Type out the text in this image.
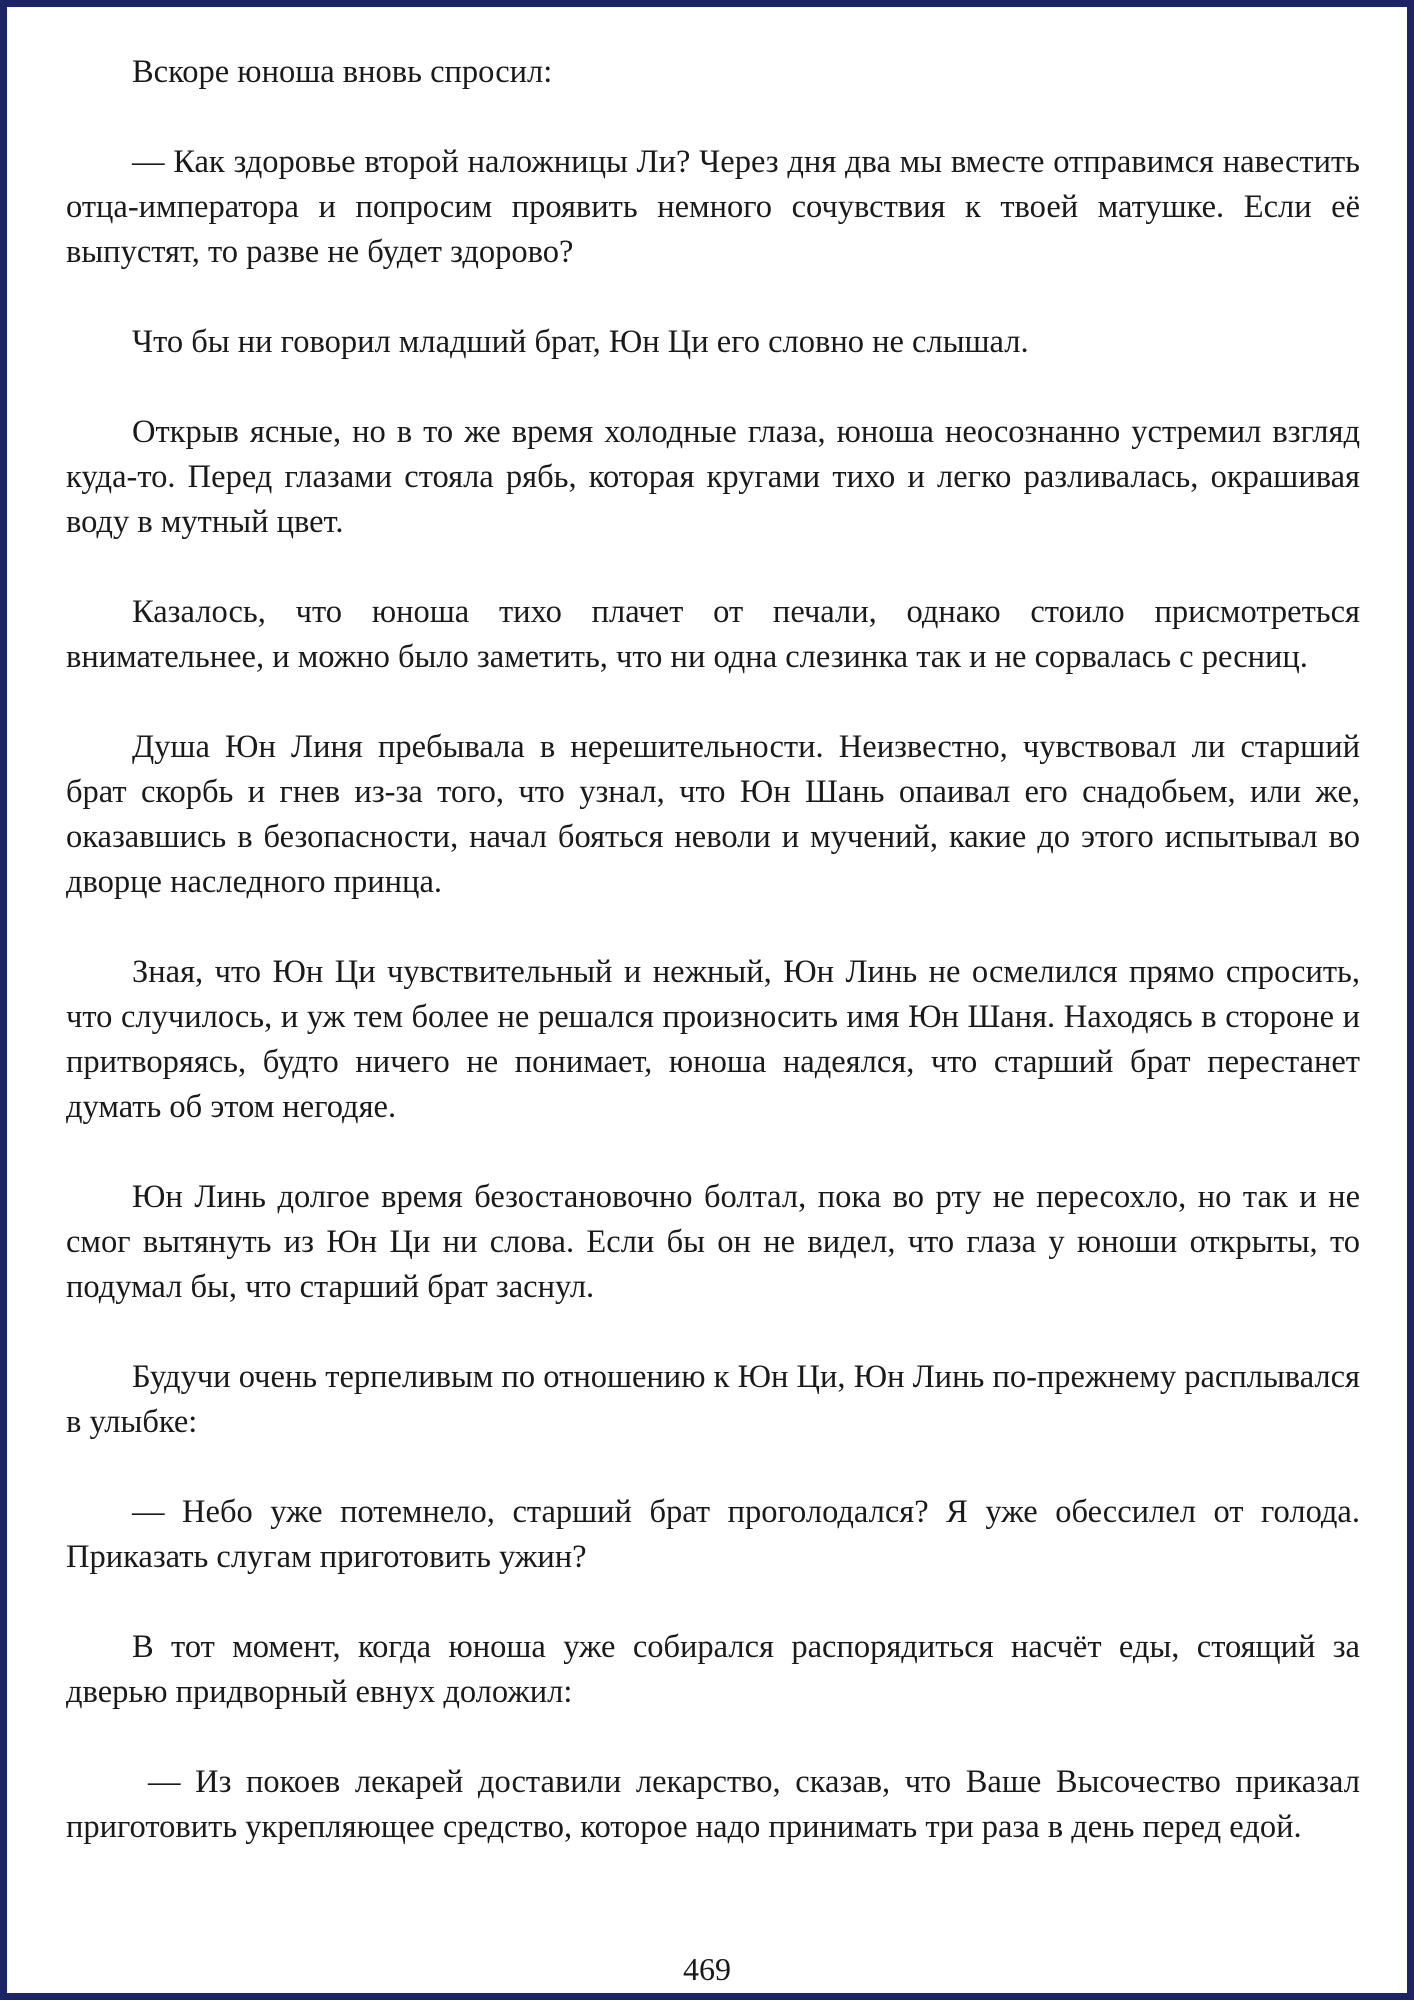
Вскоре юноша вновь спросил:

— Как здоровье второй наложницы Ли? Через дня два мы вместе отправимся навестить отца-императора и попросим проявить немного сочувствия к твоей матушке. Если её выпустят, то разве не будет здорово?

Что бы ни говорил младший брат, Юн Ци его словно не слышал.

Открыв ясные, но в то же время холодные глаза, юноша неосознанно устремил взгляд куда-то. Перед глазами стояла рябь, которая кругами тихо и легко разливалась, окрашивая воду в мутный цвет.

Казалось, что юноша тихо плачет от печали, однако стоило присмотреться внимательнее, и можно было заметить, что ни одна слезинка так и не сорвалась с ресниц.

Душа Юн Линя пребывала в нерешительности. Неизвестно, чувствовал ли старший брат скорбь и гнев из-за того, что узнал, что Юн Шань опаивал его снадобьем, или же, оказавшись в безопасности, начал бояться неволи и мучений, какие до этого испытывал во дворце наследного принца.

Зная, что Юн Ци чувствительный и нежный, Юн Линь не осмелился прямо спросить, что случилось, и уж тем более не решался произносить имя Юн Шаня. Находясь в стороне и притворяясь, будто ничего не понимает, юноша надеялся, что старший брат перестанет думать об этом негодяе.

Юн Линь долгое время безостановочно болтал, пока во рту не пересохло, но так и не смог вытянуть из Юн Ци ни слова. Если бы он не видел, что глаза у юноши открыты, то подумал бы, что старший брат заснул.

Будучи очень терпеливым по отношению к Юн Ци, Юн Линь по-прежнему расплывался в улыбке:

— Небо уже потемнело, старший брат проголодался? Я уже обессилел от голода. Приказать слугам приготовить ужин?

В тот момент, когда юноша уже собирался распорядиться насчёт еды, стоящий за дверью придворный евнух доложил:

— Из покоев лекарей доставили лекарство, сказав, что Ваше Высочество приказал приготовить укрепляющее средство, которое надо принимать три раза в день перед едой.

469
